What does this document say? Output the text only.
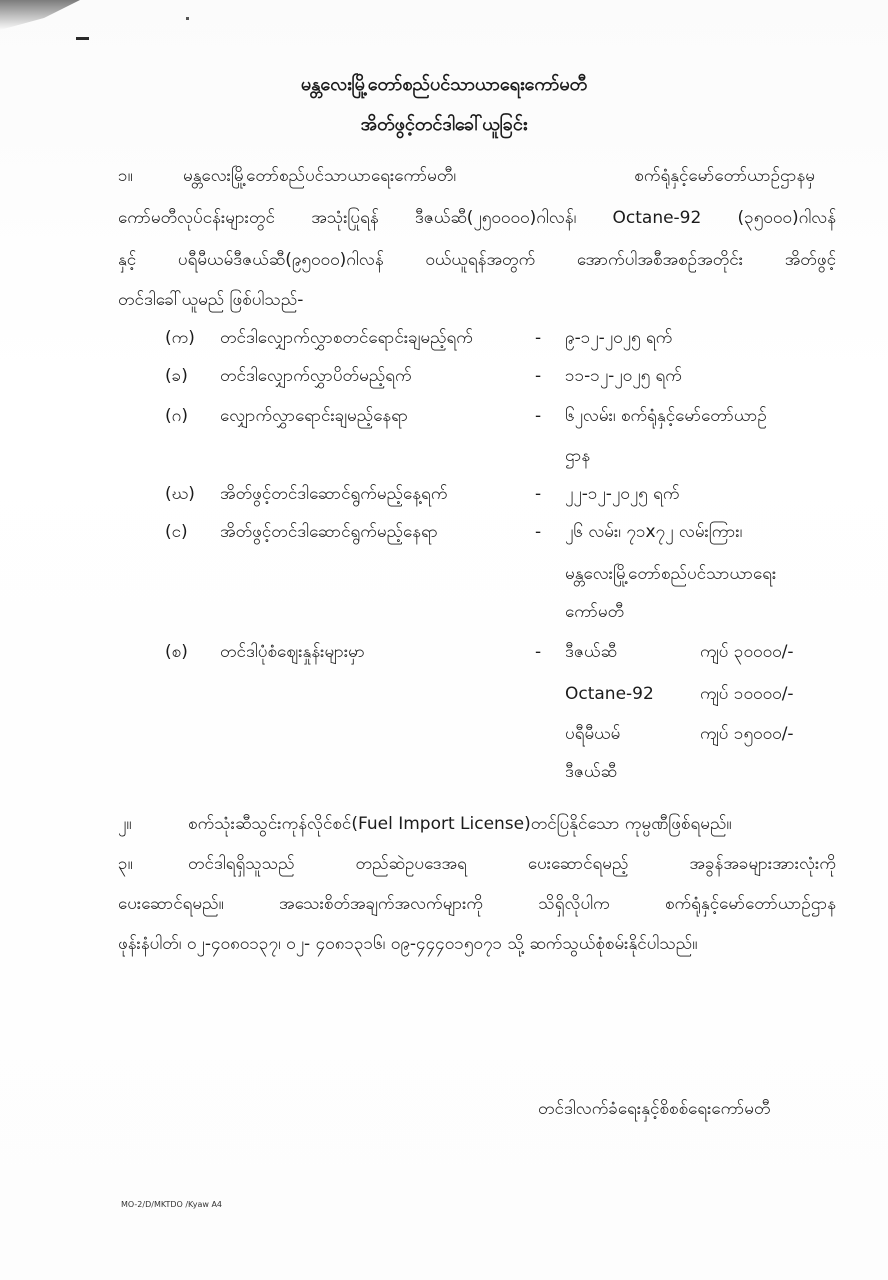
မန္တလေးမြို့တော်စည်ပင်သာယာရေးကော်မတီ
အိတ်ဖွင့်တင်ဒါခေါ်ယူခြင်း
၁။	မန္တလေးမြို့တော်စည်ပင်သာယာရေးကော်မတီ၊ စက်ရုံနှင့်မော်တော်ယာဉ်ဌာနမှ
ကော်မတီလုပ်ငန်းများတွင် အသုံးပြုရန် ဒီဇယ်ဆီ(၂၅၀၀၀၀)ဂါလန်၊ Octane-92 (၃၅၀၀၀)ဂါလန်
နှင့် ပရီမီယမ်ဒီဇယ်ဆီ(၉၅၀၀၀)ဂါလန် ဝယ်ယူရန်အတွက် အောက်ပါအစီအစဉ်အတိုင်း အိတ်ဖွင့်
တင်ဒါခေါ်ယူမည် ဖြစ်ပါသည်-
(က) တင်ဒါလျှောက်လွှာစတင်ရောင်းချမည့်ရက်	- ၉-၁၂-၂၀၂၅ ရက်
(ခ) တင်ဒါလျှောက်လွှာပိတ်မည့်ရက်	- ၁၁-၁၂-၂၀၂၅ ရက်
(ဂ) လျှောက်လွှာရောင်းချမည့်နေရာ	- ၆၂လမ်း၊ စက်ရုံနှင့်မော်တော်ယာဉ်
ဌာန
(ဃ) အိတ်ဖွင့်တင်ဒါဆောင်ရွက်မည့်နေ့ရက်	- ၂၂-၁၂-၂၀၂၅ ရက်
(င) အိတ်ဖွင့်တင်ဒါဆောင်ရွက်မည့်နေရာ	- ၂၆ လမ်း၊ ၇၁x၇၂ လမ်းကြား၊
မန္တလေးမြို့တော်စည်ပင်သာယာရေး
ကော်မတီ
(စ) တင်ဒါပုံစံဈေးနှုန်းများမှာ	- ဒီဇယ်ဆီ	ကျပ် ၃၀၀၀၀/-
Octane-92	ကျပ် ၁၀၀၀၀/-
ပရီမီယမ်	ကျပ် ၁၅၀၀၀/-
ဒီဇယ်ဆီ
၂။	စက်သုံးဆီသွင်းကုန်လိုင်စင်(Fuel Import License)တင်ပြနိုင်သော ကုမ္ပဏီဖြစ်ရမည်။
၃။	တင်ဒါရရှိသူသည် တည်ဆဲဥပဒေအရ ပေးဆောင်ရမည့် အခွန်အခများအားလုံးကို
ပေးဆောင်ရမည်။ အသေးစိတ်အချက်အလက်များကို သိရှိလိုပါက စက်ရုံနှင့်မော်တော်ယာဉ်ဌာန
ဖုန်းနံပါတ်၊ ၀၂-၄၀၈၀၁၃၇၊ ၀၂- ၄၀၈၁၃၁၆၊ ၀၉-၄၄၄၀၁၅၀၇၁ သို့ ဆက်သွယ်စုံစမ်းနိုင်ပါသည်။
တင်ဒါလက်ခံရေးနှင့်စိစစ်ရေးကော်မတီ
MO-2/D/MKTDO /Kyaw A4
